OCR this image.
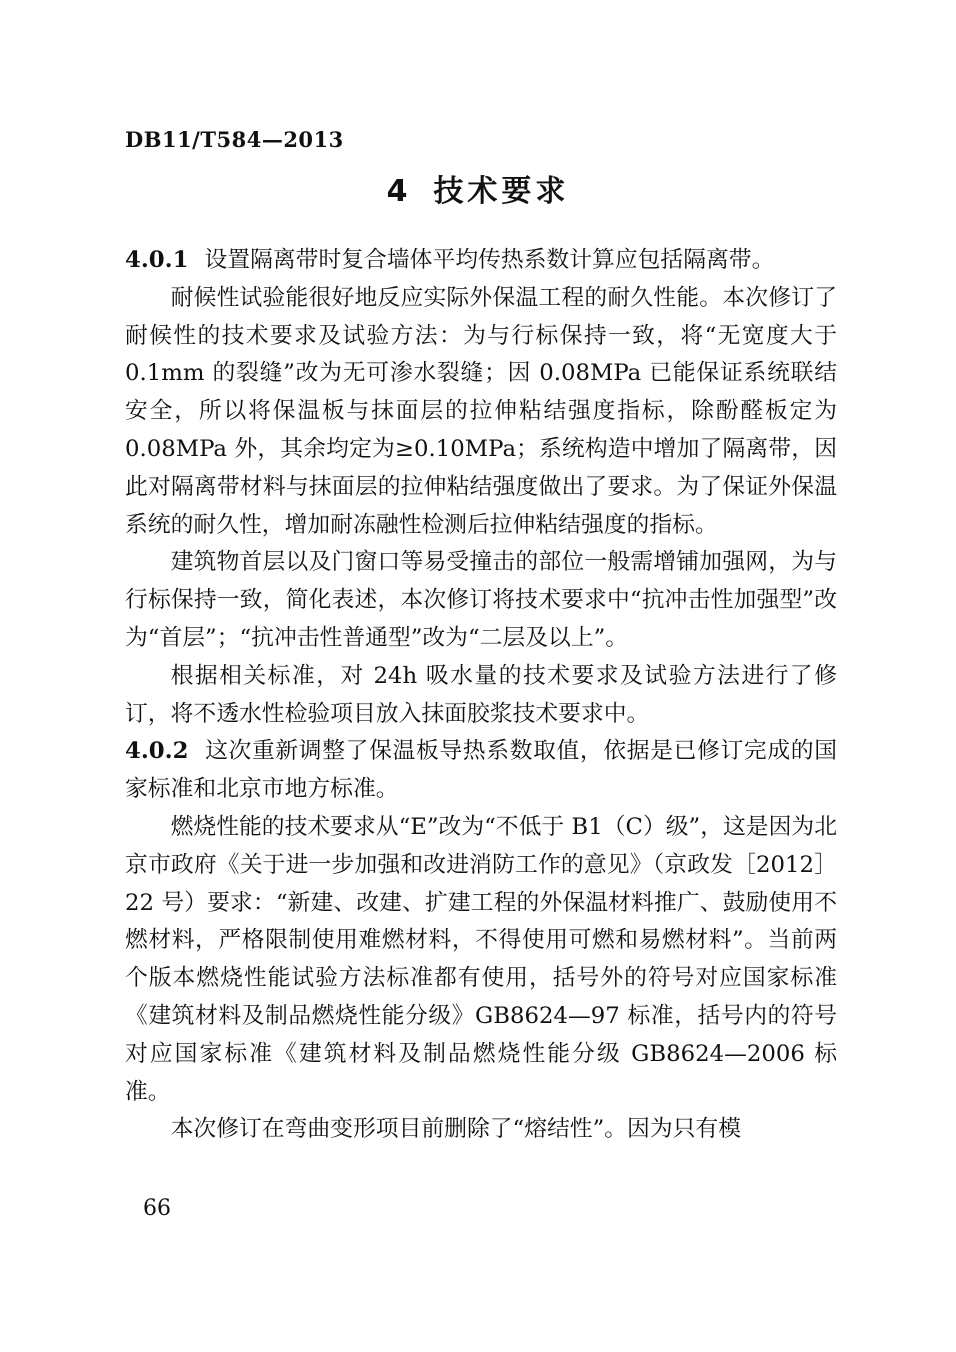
DB11/T584—2013
4 技术要求

4.0.1 设置隔离带时复合墙体平均传热系数计算应包括隔离带。

耐候性试验能很好地反应实际外保温工程的耐久性能。本次修订了耐候性的技术要求及试验方法：为与行标保持一致，将“无宽度大于 0.1mm 的裂缝”改为无可渗水裂缝；因 0.08MPa 已能保证系统联结安全，所以将保温板与抹面层的拉伸粘结强度指标，除酚醛板定为 0.08MPa 外，其余均定为≥0.10MPa；系统构造中增加了隔离带，因此对隔离带材料与抹面层的拉伸粘结强度做出了要求。为了保证外保温系统的耐久性，增加耐冻融性检测后拉伸粘结强度的指标。

建筑物首层以及门窗口等易受撞击的部位一般需增铺加强网，为与行标保持一致，简化表述，本次修订将技术要求中“抗冲击性加强型”改为“首层”；“抗冲击性普通型”改为“二层及以上”。

根据相关标准，对 24h 吸水量的技术要求及试验方法进行了修订，将不透水性检验项目放入抹面胶浆技术要求中。

4.0.2 这次重新调整了保温板导热系数取值，依据是已修订完成的国家标准和北京市地方标准。

燃烧性能的技术要求从“E”改为“不低于 B1（C）级”，这是因为北京市政府《关于进一步加强和改进消防工作的意见》（京政发［2012］22 号）要求：“新建、改建、扩建工程的外保温材料推广、鼓励使用不燃材料，严格限制使用难燃材料，不得使用可燃和易燃材料”。当前两个版本燃烧性能试验方法标准都有使用，括号外的符号对应国家标准《建筑材料及制品燃烧性能分级》GB8624—97 标准，括号内的符号对应国家标准《建筑材料及制品燃烧性能分级 GB8624—2006 标准。

本次修订在弯曲变形项目前删除了“熔结性”。因为只有模

66
